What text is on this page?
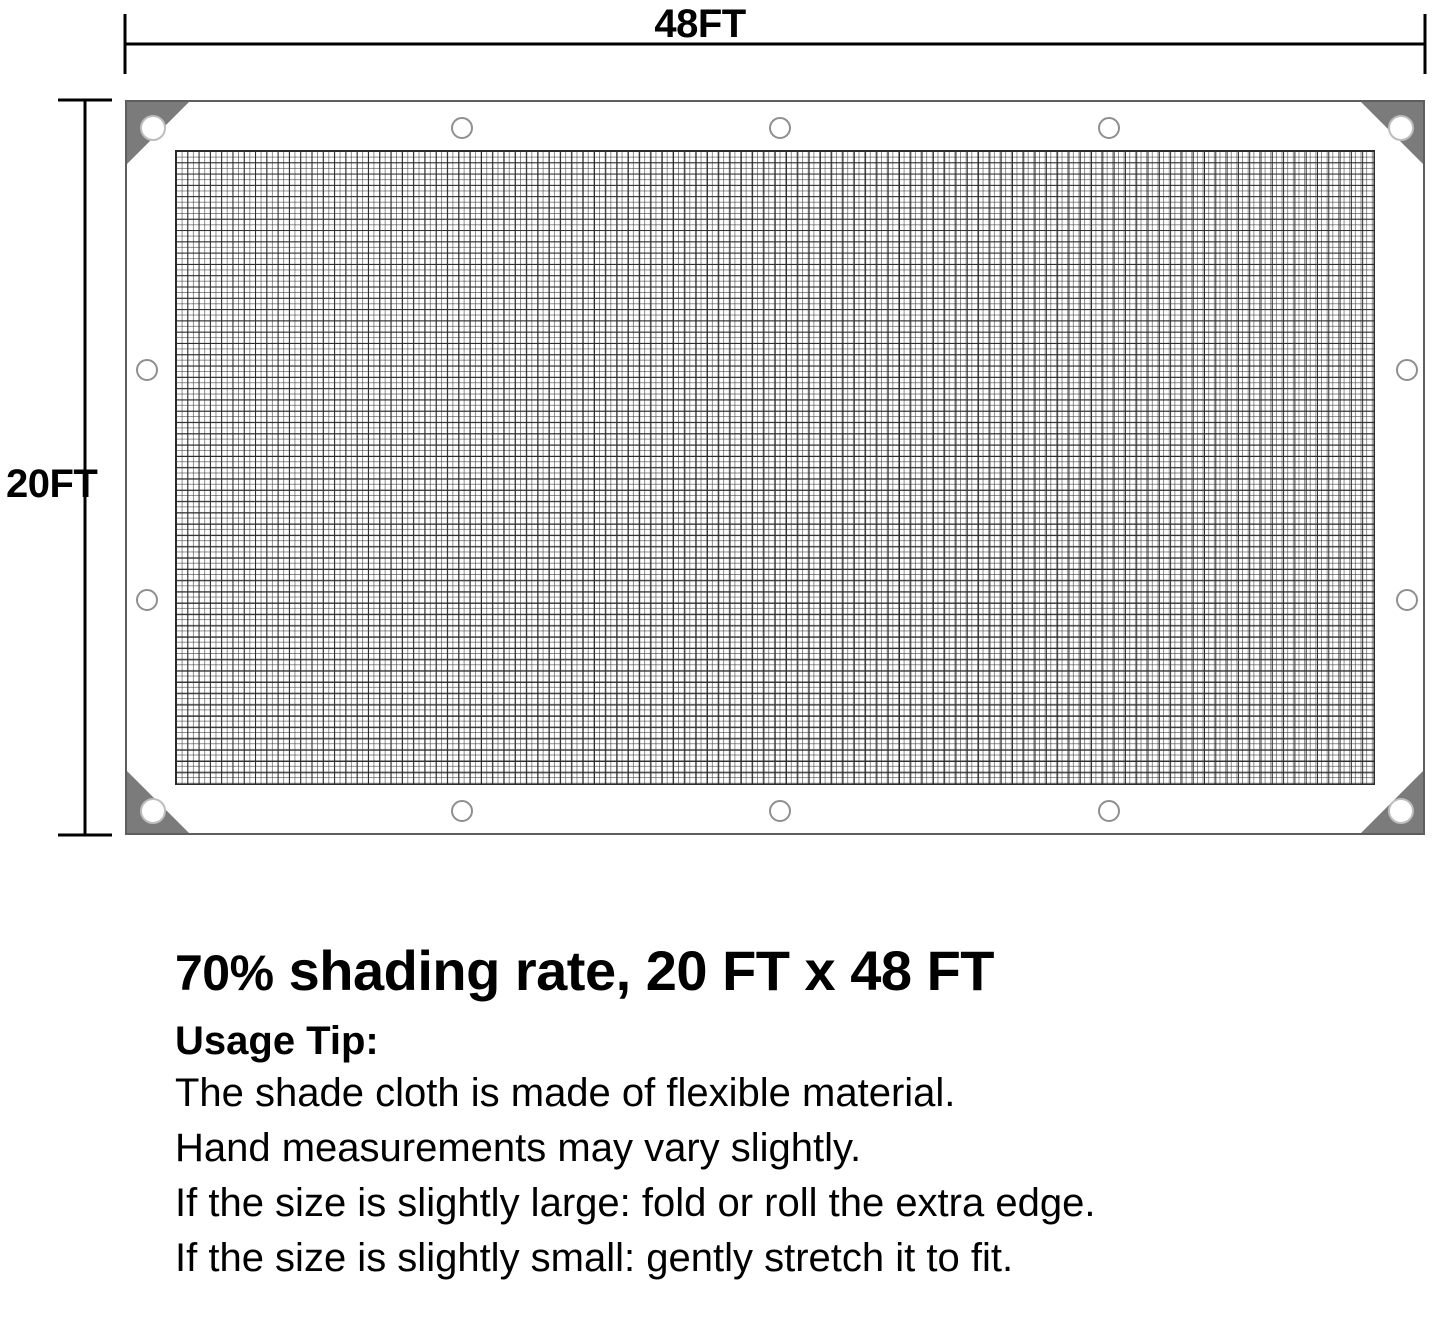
48FT
20FT
70% shading rate, 20 FT x 48 FT
Usage Tip:

The shade cloth is made of flexible material.

Hand measurements may vary slightly.

If the size is slightly large: fold or roll the extra edge.

If the size is slightly small: gently stretch it to fit.
